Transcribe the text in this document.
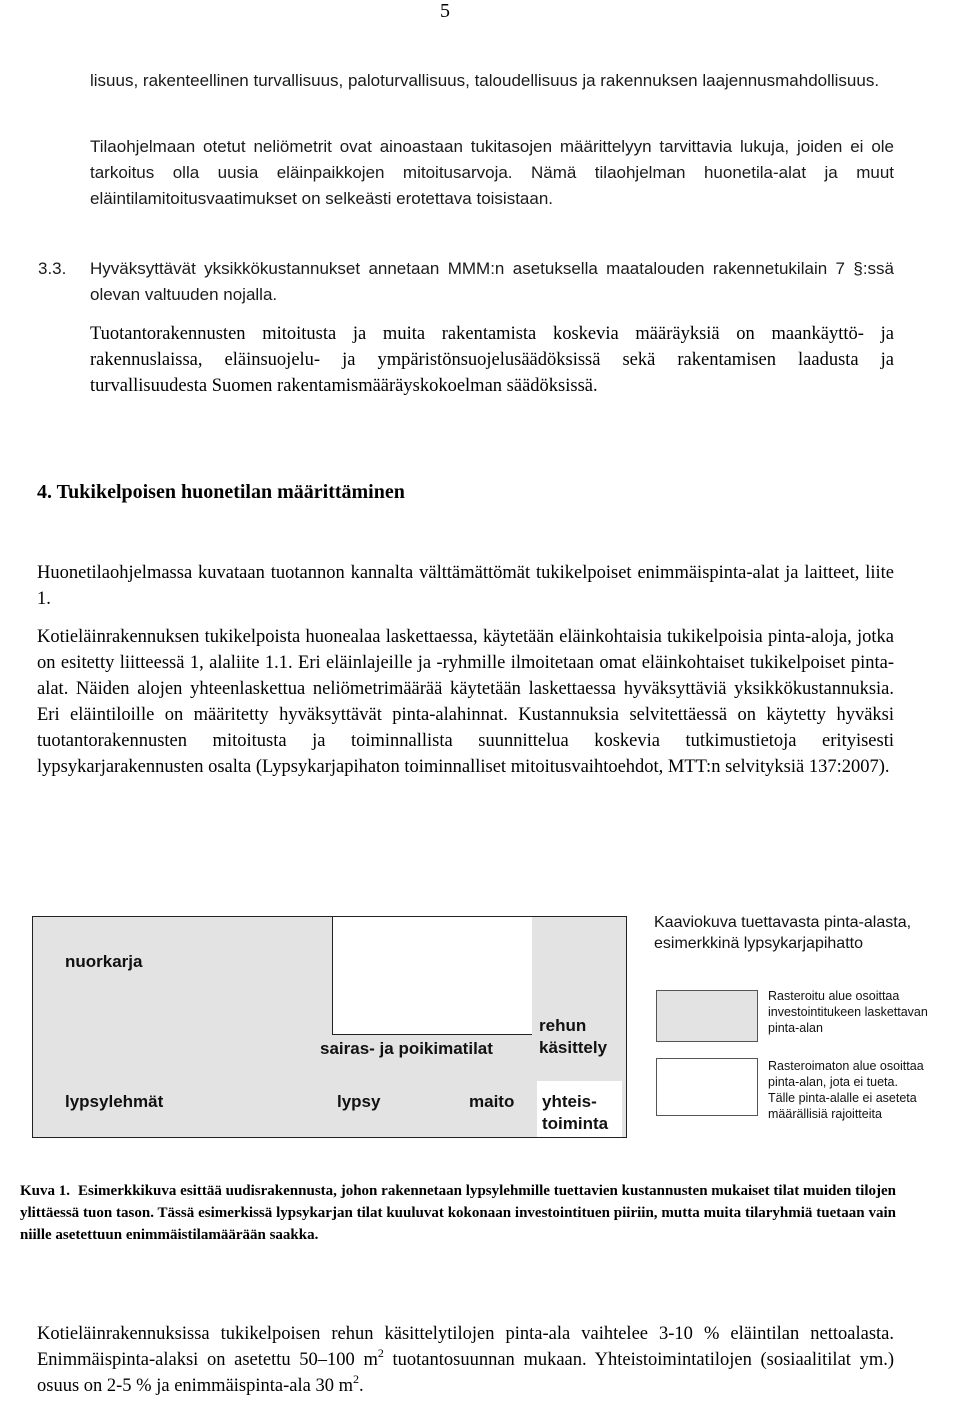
5
lisuus, rakenteellinen turvallisuus, paloturvallisuus, taloudellisuus ja rakennuksen laajennusmahdollisuus.
Tilaohjelmaan otetut neliömetrit ovat ainoastaan tukitasojen määrittelyyn tarvittavia lukuja, joiden ei ole tarkoitus olla uusia eläinpaikkojen mitoitusarvoja. Nämä tilaohjelman huonetila-alat ja muut eläintilamitoitusvaatimukset on selkeästi erotettava toisistaan.
3.3. Hyväksyttävät yksikkökustannukset annetaan MMM:n asetuksella maatalouden rakennetukilain 7 §:ssä olevan valtuuden nojalla.
Tuotantorakennusten mitoitusta ja muita rakentamista koskevia määräyksiä on maankäyttö- ja rakennuslaissa, eläinsuojelu- ja ympäristönsuojelusäädöksissä sekä rakentamisen laadusta ja turvallisuudesta Suomen rakentamismääräyskokoelman säädöksissä.
4. Tukikelpoisen huonetilan määrittäminen
Huonetilaohjelmassa kuvataan tuotannon kannalta välttämättömät tukikelpoiset enimmäispinta-alat ja laitteet, liite 1.
Kotieläinrakennuksen tukikelpoista huonealaa laskettaessa, käytetään eläinkohtaisia tukikelpoisia pinta-aloja, jotka on esitetty liitteessä 1, alaliite 1.1. Eri eläinlajeille ja -ryhmille ilmoitetaan omat eläinkohtaiset tukikelpoiset pinta-alat. Näiden alojen yhteenlaskettua neliömetrimäärää käytetään laskettaessa hyväksyttäviä yksikkökustannuksia. Eri eläintiloille on määritetty hyväksyttävät pinta-alahinnat. Kustannuksia selvitettäessä on käytetty hyväksi tuotantorakennusten mitoitusta ja toiminnallista suunnittelua koskevia tutkimustietoja erityisesti lypsykarjarakennusten osalta (Lypsykarjapihaton toiminnalliset mitoitusvaihtoehdot, MTT:n selvityksiä 137:2007).
nuorkarja
sairas- ja poikimatilat
rehun
käsittely
lypsylehmät	lypsy	maito yhteis-
toiminta
Kaaviokuva tuettavasta pinta-alasta,
esimerkkinä lypsykarjapihatto
Rasteroitu alue osoittaa
investointitukeen laskettavan
pinta-alan
Rasteroimaton alue osoittaa
pinta-alan, jota ei tueta.
Tälle pinta-alalle ei aseteta
määrällisiä rajoitteita
Kuva 1. Esimerkkikuva esittää uudisrakennusta, johon rakennetaan lypsylehmille tuettavien kustannusten mukaiset tilat muiden tilojen ylittäessä tuon tason. Tässä esimerkissä lypsykarjan tilat kuuluvat kokonaan investointituen piiriin, mutta muita tilaryhmiä tuetaan vain niille asetettuun enimmäistilamäärään saakka.
Kotieläinrakennuksissa tukikelpoisen rehun käsittelytilojen pinta-ala vaihtelee 3-10 % eläintilan nettoalasta. Enimmäispinta-alaksi on asetettu 50–100 $m^2$ tuotantosuunnan mukaan. Yhteistoimintatilojen (sosiaalitilat ym.) osuus on 2-5 % ja enimmäispinta-ala 30 $m^2$.
